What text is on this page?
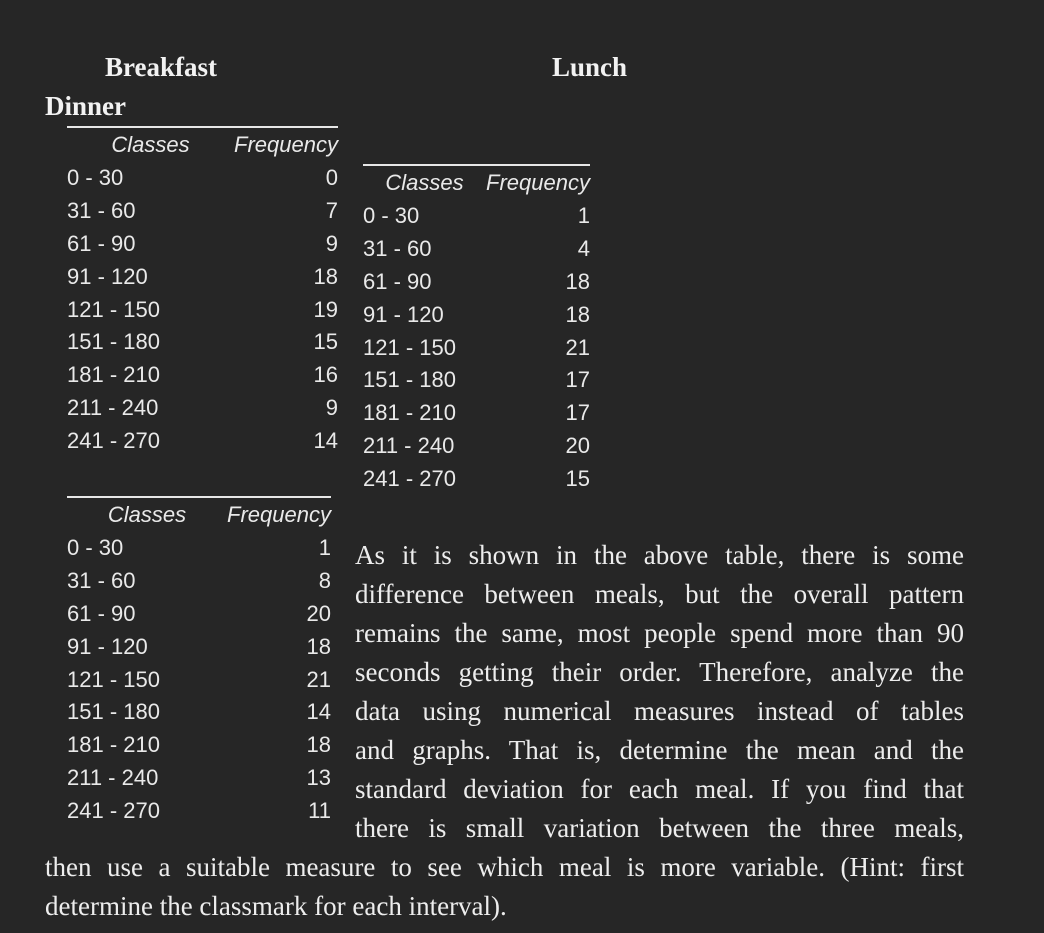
Breakfast	Lunch
Dinner
Classes	Frequency
0 - 30	0
31 - 60	7
61 - 90	9
91 - 120	18
121 - 150	19
151 - 180	15
181 - 210	16
211 - 240	9
241 - 270	14
Classes	Frequency
0 - 30	1
31 - 60	4
61 - 90	18
91 - 120	18
121 - 150	21
151 - 180	17
181 - 210	17
211 - 240	20
241 - 270	15
Classes	Frequency
0 - 30	1
31 - 60	8
61 - 90	20
91 - 120	18
121 - 150	21
151 - 180	14
181 - 210	18
211 - 240	13
241 - 270	11
As it is shown in the above table, there is some
difference between meals, but the overall pattern
remains the same, most people spend more than 90
seconds getting their order. Therefore, analyze the
data using numerical measures instead of tables
and graphs. That is, determine the mean and the
standard deviation for each meal. If you find that
there is small variation between the three meals,
then use a suitable measure to see which meal is more variable. (Hint: first
determine the classmark for each interval).
